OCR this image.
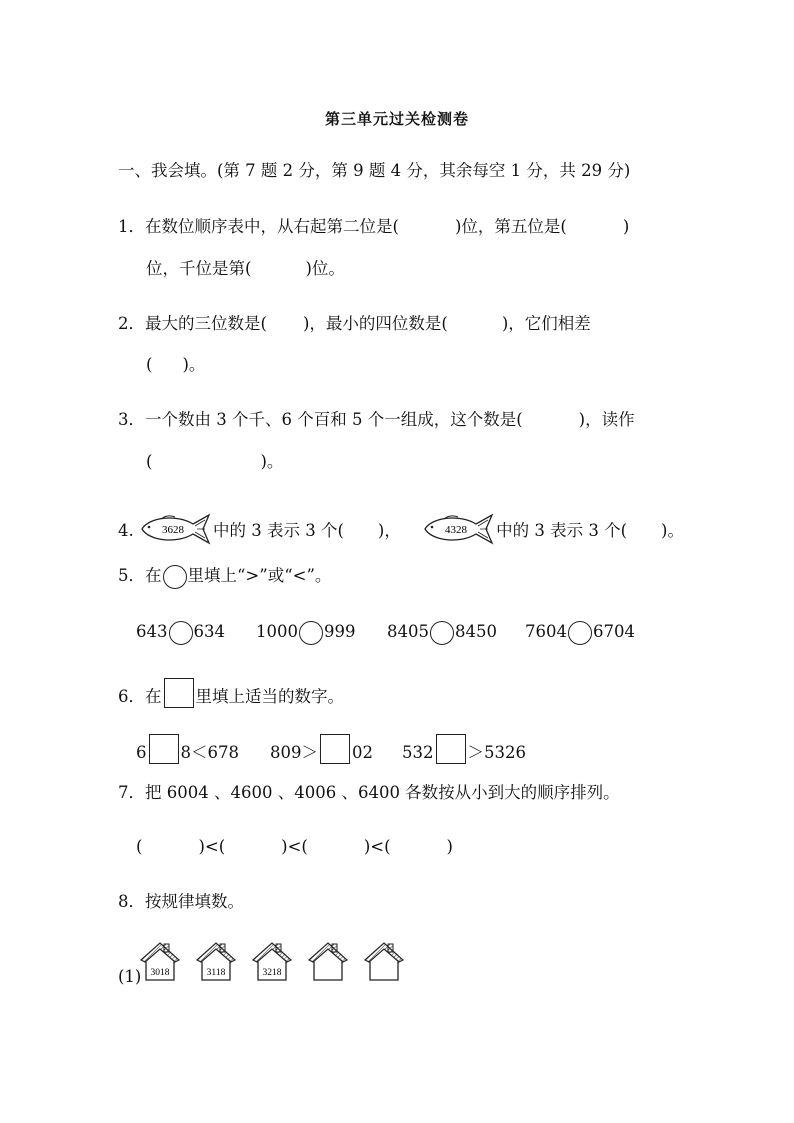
第三单元过关检测卷
一、我会填。(第 7 题 2 分，第 9 题 4 分，其余每空 1 分，共 29 分)
1．在数位顺序表中，从右起第二位是(	)位，第五位是(	)
位，千位是第(	)位。
2．最大的三位数是( )，最小的四位数是(	)，它们相差
( )。
3．一个数由 3 个千、6 个百和 5 个一组成，这个数是(	)，读作
(	)。
4.	3628 中的 3 表示 3 个( )，	4328 中的 3 表示 3 个( )。
5．在 里填上“>”或“<”。
643 634 1000 999 8405 8450 7604 6704
6．在 里填上适当的数字。
6 8＜678 809＞ 02 532 ＞5326
7．把 6004 、4600 、4006 、6400 各数按从小到大的顺序排列。
(	)<(	)<(	)<(	)
8．按规律填数。
(1) 3018	3118	3218
